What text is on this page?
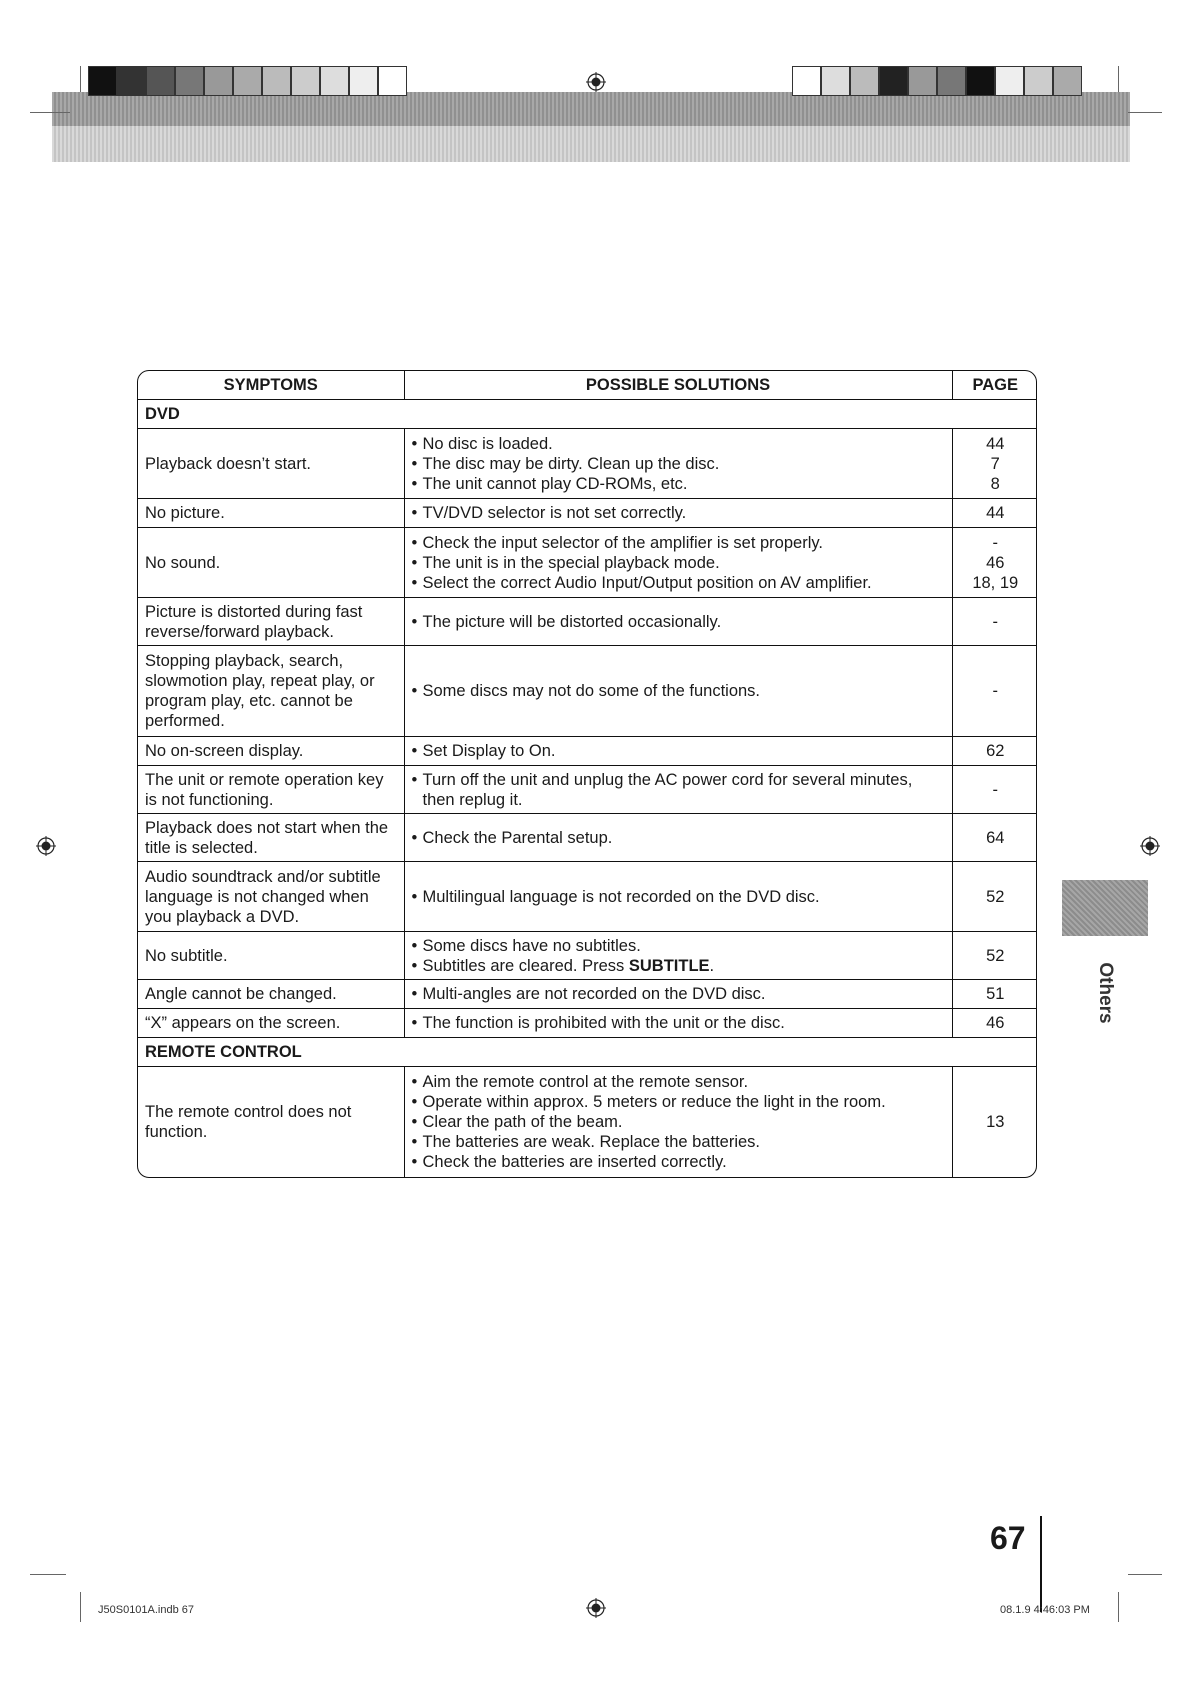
SYMPTOMS	POSSIBLE SOLUTIONS	PAGE
DVD		
Playback doesn’t start.	• No disc is loaded.
• The disc may be dirty. Clean up the disc.
• The unit cannot play CD-ROMs, etc.	44
7
8

No picture.	• TV/DVD selector is not set correctly.	44

No sound.	• Check the input selector of the amplifier is set properly.
• The unit is in the special playback mode.
• Select the correct Audio Input/Output position on AV amplifier.	-
46
18, 19

Picture is distorted during fast reverse/forward playback.	• The picture will be distorted occasionally.	-

Stopping playback, search, slowmotion play, repeat play, or program play, etc. cannot be performed.	• Some discs may not do some of the functions.	-

No on-screen display.	• Set Display to On.	62

The unit or remote operation key is not functioning.	• Turn off the unit and unplug the AC power cord for several minutes, then replug it.	-

Playback does not start when the title is selected.	• Check the Parental setup.	64

Audio soundtrack and/or subtitle language is not changed when you playback a DVD.	• Multilingual language is not recorded on the DVD disc.	52

No subtitle.	• Some discs have no subtitles.
• Subtitles are cleared. Press SUBTITLE.	52

Angle cannot be changed.	• Multi-angles are not recorded on the DVD disc.	51

“X” appears on the screen.	• The function is prohibited with the unit or the disc.	46

REMOTE CONTROL		
The remote control does not function.	• Aim the remote control at the remote sensor.
• Operate within approx. 5 meters or reduce the light in the room.
• Clear the path of the beam.
• The batteries are weak. Replace the batteries.
• Check the batteries are inserted correctly.	13
Others
67
J50S0101A.indb 67	08.1.9 4:46:03 PM
